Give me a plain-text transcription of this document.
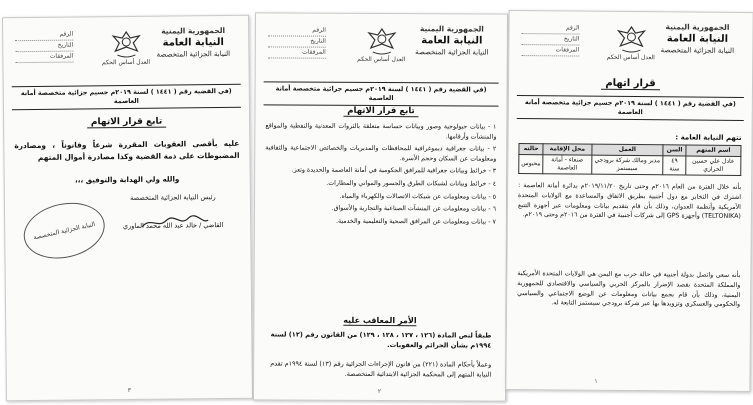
الجمهورية اليمنية
النيابة العامة
النيابة الجزائية المتخصصة
العدل أساس الحكم
الرقم
التاريخ
المرفقات
(في القضية رقم ( ١٤٤١ ) لسنة ٢٠١٩م جسيم جزائية متخصصة أمانة العاصمة
تابع قرار الاتهام
عليه بأقصى العقوبات المقررة شرعاً وقانوناً ، ومصادرة المضبوطات على ذمة القضية وكذا مصادرة أموال المتهم
والله ولي الهداية والتوفيق ،،،
رئيس النيابة الجزائية المتخصصة
القاضي / خالد عبد الله محمد الماوري
النيابة الجزائية المتخصصة
٣
الجمهورية اليمنية
النيابة العامة
النيابة الجزائية المتخصصة
العدل أساس الحكم
الرقم
التاريخ
المرفقات
(في القضية رقم ( ١٤٤١ ) لسنة ٢٠١٩م جسيم جزائية متخصصة أمانة العاصمة
تابع قرار الاتهام

١ - بيانات جيولوجية وصور وبيانات حساسة متعلقة بالثروات المعدنية والنفطية والمواقع والمنشآت وأرقامها.

٢ - بيانات جغرافية ديموغرافية للمحافظات والمديريات والخصائص الاجتماعية والثقافية ومعلومات عن السكان وحجم الأسرة.

٣ - خرائط وبيانات جغرافية للمرافق الحكومية في أمانة العاصمة والحديدة وتعز.

٤ - خرائط وبيانات لشبكات الطرق والجسور والمواني والمطارات.

٥ - بيانات ومعلومات عن شبكات الاتصالات والكهرباء والمياه.

٦ - بيانات ومعلومات عن المنشآت الصناعية والتجارية والأسواق.

٧ - بيانات ومعلومات عن المرافق الصحية والتعليمية والخدمية.

الأمر المعاقب عليه
طبقاً لنص المادة (١٢٦ ، ١٢٧ ، ١٢٨ ، ١٢٩) من القانون رقم (١٢) لسنة ١٩٩٤م بشأن الجرائم والعقوبات.
وعملاً بأحكام المادة (٢٢١) من قانون الإجراءات الجزائية رقم (١٣) لسنة ١٩٩٤م تقدم النيابة المتهم إلى المحكمة الجزائية الابتدائية المتخصصة.
٢
الجمهورية اليمنية
النيابة العامة
النيابة الجزائية المتخصصة
العدل أساس الحكم
الرقم
التاريخ
المرفقات
قرار اتهام
(في القضية رقم ( ١٤٤١ ) لسنة ٢٠١٩م جسيم جزائية متخصصة أمانة العاصمة
تتهم النيابة العامة :
اسم المتهم	السن	العمل	محل الإقامة	حالته
عادل علي حسين الحرازي	٤٩ سنة	مدير ومالك شركة برودجي سيستمز	صنعاء - أمانة العاصمة	محبوس
بأنه خلال الفترة من العام ٢٠١٦م وحتى تاريخ ٢٠١٩/١١/٢٠م بدائرة أمانة العاصمة : اشترك في التخابر مع دول أجنبية بطريق الاتفاق والمساعدة مع الولايات المتحدة الأمريكية وأنظمة العدوان، وذلك بأن قام بتقديم بيانات ومعلومات عبر أجهزة التتبع (TELTONIKA) وأجهزة GPS إلى شركات أجنبية في الفترة من ٢٠١٦م وحتى ٢٠١٩م.
بأنه سعى واتصل بدولة أجنبية في حالة حرب مع اليمن هي الولايات المتحدة الأمريكية والمملكة المتحدة بقصد الإضرار بالمركز الحربي والسياسي والاقتصادي للجمهورية اليمنية، وذلك بأن قام بجمع بيانات ومعلومات عن الوضع الاجتماعي والسياسي والحكومي والعسكري وتزويدها بها عبر شركة برودجي سيستمز التابعة له.
١
